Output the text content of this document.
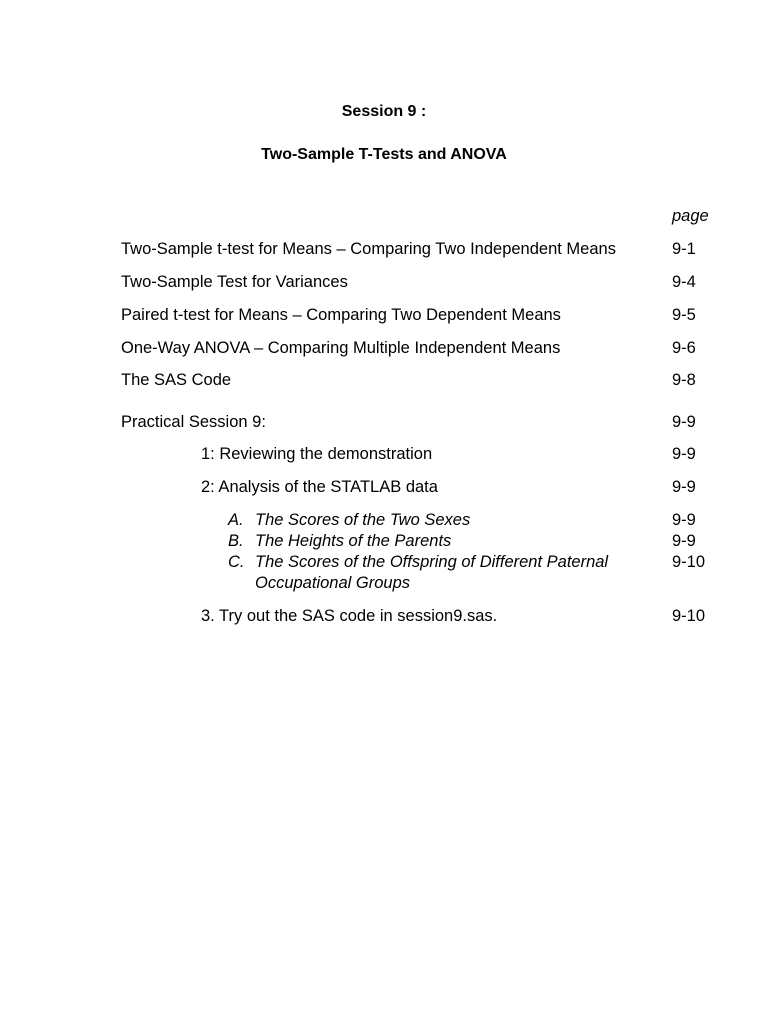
Session 9 :
Two-Sample T-Tests and ANOVA
page
Two-Sample t-test for Means – Comparing Two Independent Means	9-1
Two-Sample Test for Variances	9-4
Paired t-test for Means – Comparing Two Dependent Means	9-5
One-Way ANOVA – Comparing Multiple Independent Means	9-6
The SAS Code	9-8
Practical Session 9:	9-9
1: Reviewing the demonstration	9-9
2: Analysis of the STATLAB data	9-9
A. The Scores of the Two Sexes	9-9
B. The Heights of the Parents	9-9
C. The Scores of the Offspring of Different Paternal
Occupational Groups
9-10
3. Try out the SAS code in session9.sas.	9-10
